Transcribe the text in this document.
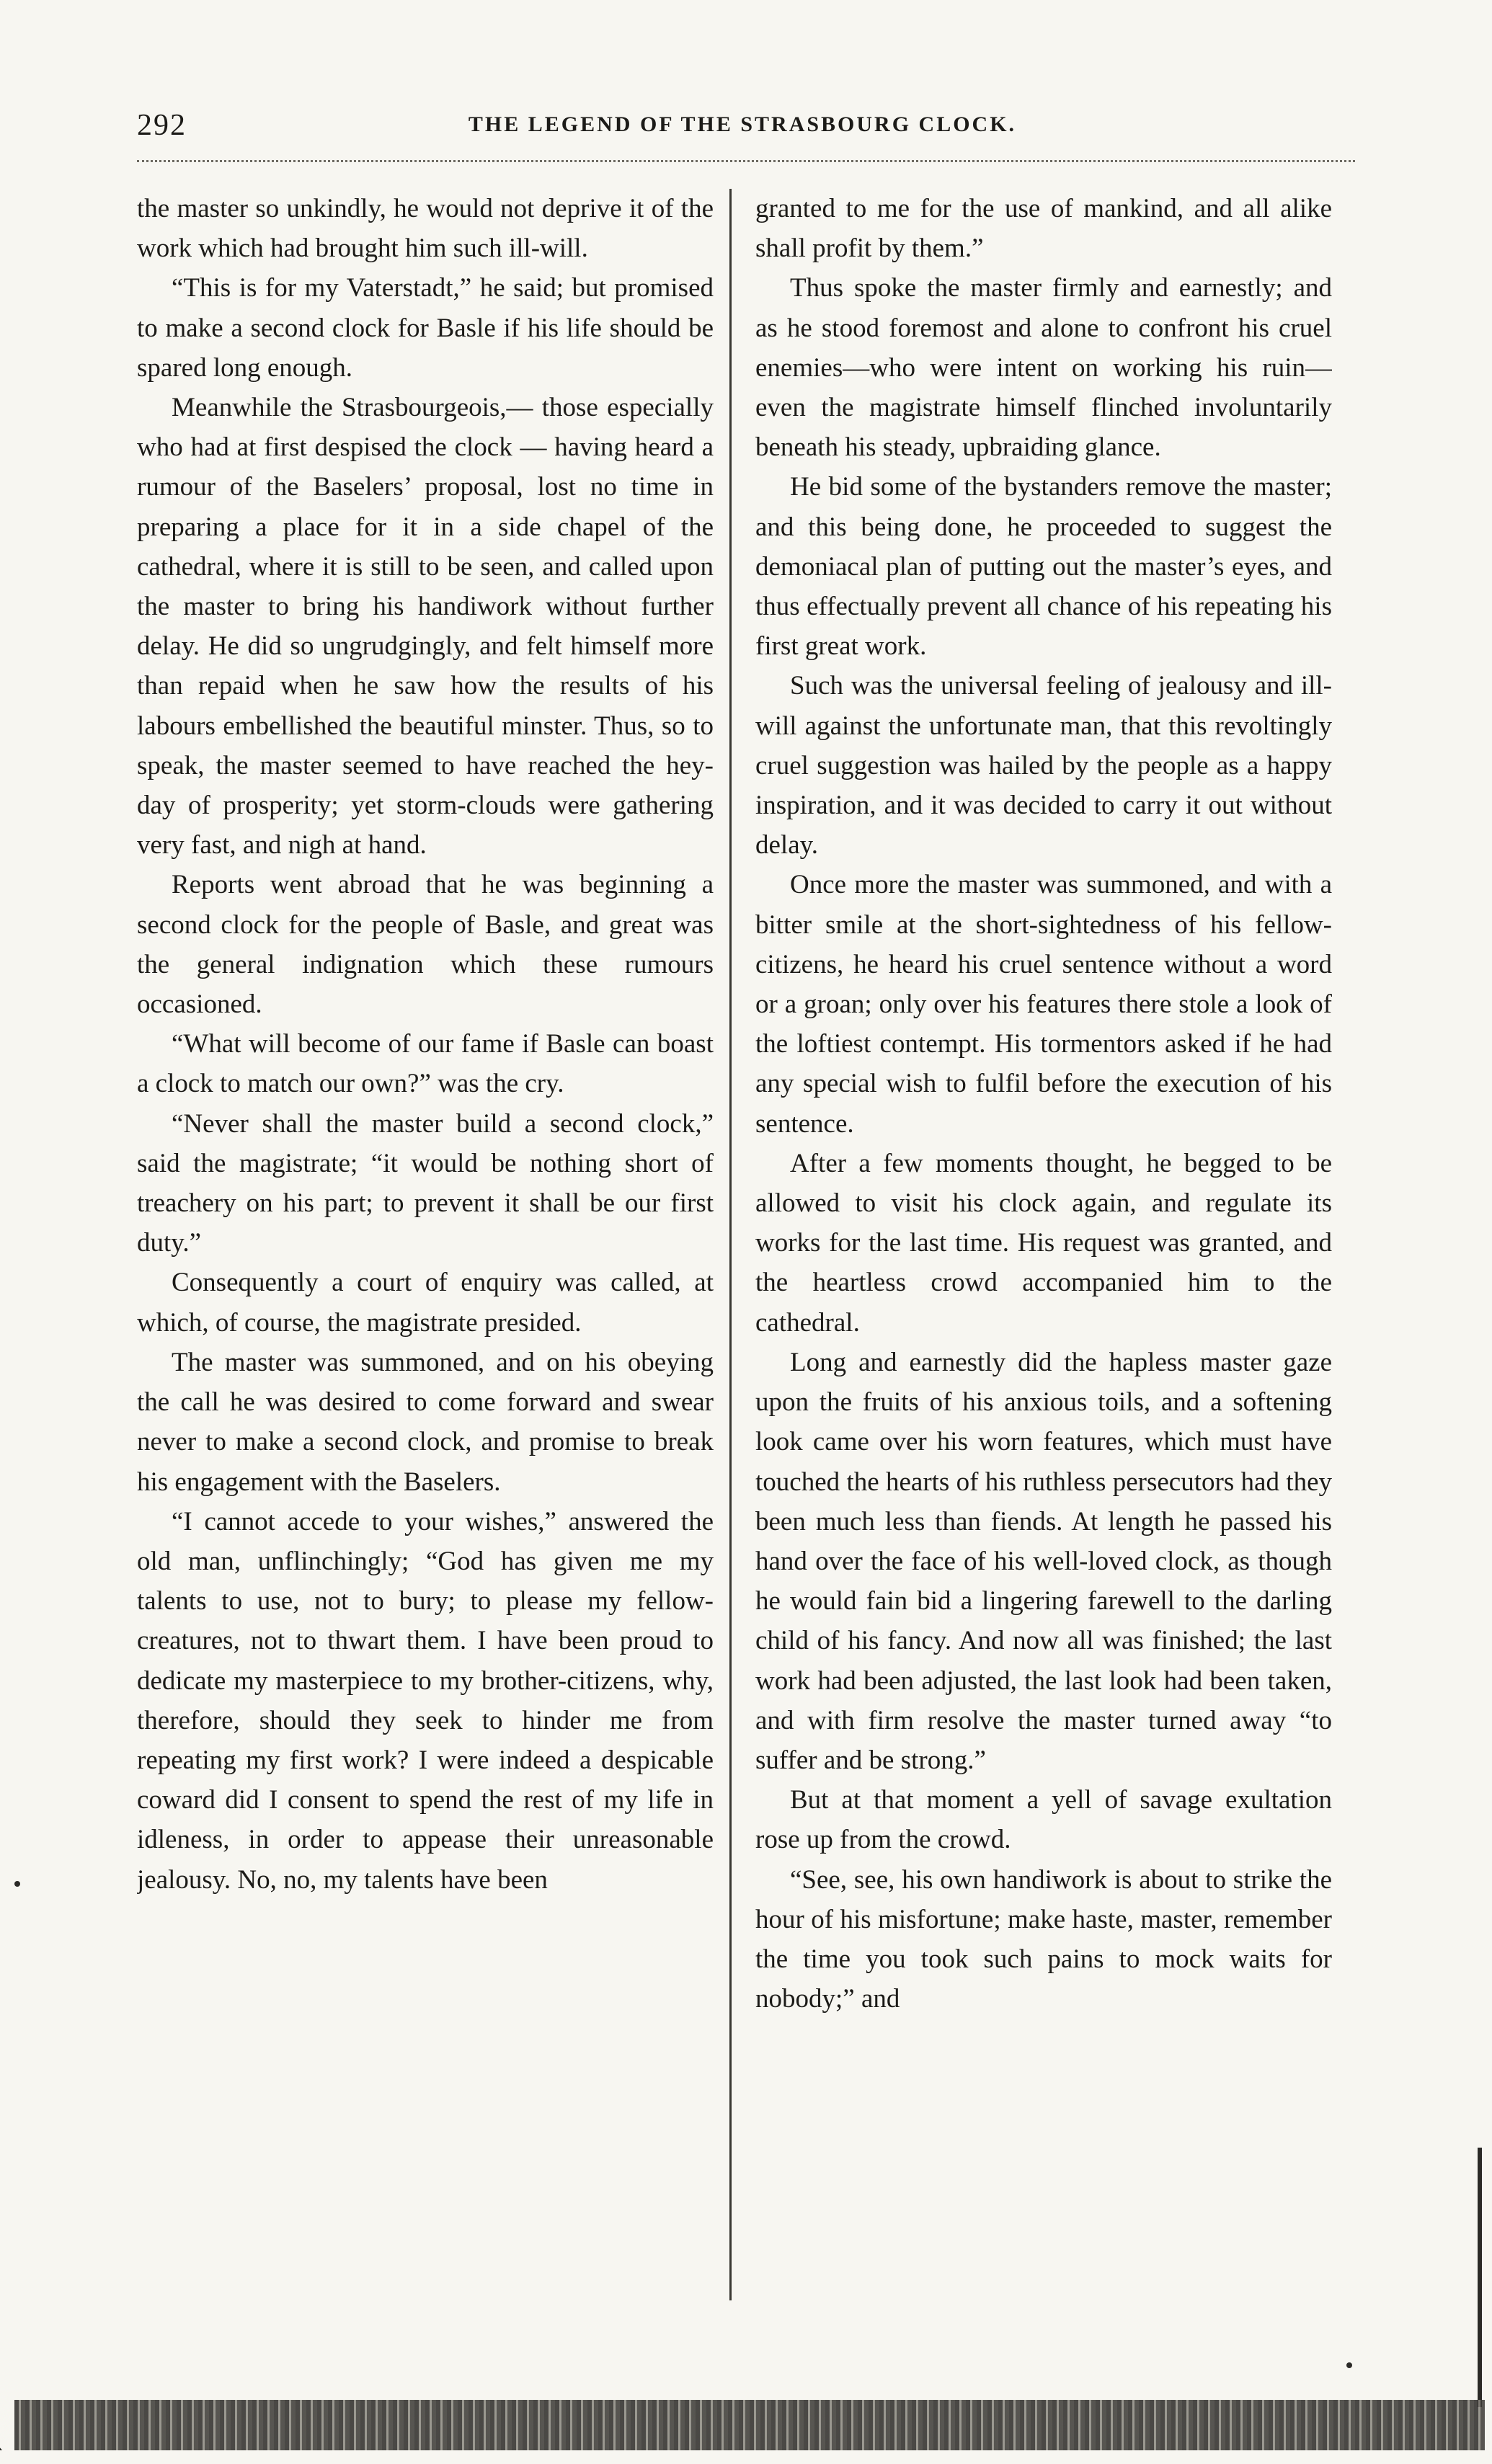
292	THE LEGEND OF THE STRASBOURG CLOCK.

the master so unkindly, he would not deprive it of the work which had brought him such ill-will.

“This is for my Vaterstadt,” he said; but promised to make a second clock for Basle if his life should be spared long enough.

Meanwhile the Strasbourgeois,— those especially who had at first despised the clock — having heard a rumour of the Baselers’ proposal, lost no time in preparing a place for it in a side chapel of the cathedral, where it is still to be seen, and called upon the master to bring his handiwork without further delay. He did so ungrudgingly, and felt himself more than repaid when he saw how the results of his labours embellished the beautiful minster. Thus, so to speak, the master seemed to have reached the hey-day of prosperity; yet storm-clouds were gathering very fast, and nigh at hand.

Reports went abroad that he was beginning a second clock for the people of Basle, and great was the general indignation which these rumours occasioned.

“What will become of our fame if Basle can boast a clock to match our own?” was the cry.

“Never shall the master build a second clock,” said the magistrate; “it would be nothing short of treachery on his part; to prevent it shall be our first duty.”

Consequently a court of enquiry was called, at which, of course, the magistrate presided.

The master was summoned, and on his obeying the call he was desired to come forward and swear never to make a second clock, and promise to break his engagement with the Baselers.

“I cannot accede to your wishes,” answered the old man, unflinchingly; “God has given me my talents to use, not to bury; to please my fellow-creatures, not to thwart them. I have been proud to dedicate my masterpiece to my brother-citizens, why, therefore, should they seek to hinder me from repeating my first work? I were indeed a despicable coward did I consent to spend the rest of my life in idleness, in order to appease their unreasonable jealousy. No, no, my talents have been

granted to me for the use of mankind, and all alike shall profit by them.”

Thus spoke the master firmly and earnestly; and as he stood foremost and alone to confront his cruel enemies—who were intent on working his ruin—even the magistrate himself flinched involuntarily beneath his steady, upbraiding glance.

He bid some of the bystanders remove the master; and this being done, he proceeded to suggest the demoniacal plan of putting out the master’s eyes, and thus effectually prevent all chance of his repeating his first great work.

Such was the universal feeling of jealousy and ill-will against the unfortunate man, that this revoltingly cruel suggestion was hailed by the people as a happy inspiration, and it was decided to carry it out without delay.

Once more the master was summoned, and with a bitter smile at the short-sightedness of his fellow-citizens, he heard his cruel sentence without a word or a groan; only over his features there stole a look of the loftiest contempt. His tormentors asked if he had any special wish to fulfil before the execution of his sentence.

After a few moments thought, he begged to be allowed to visit his clock again, and regulate its works for the last time. His request was granted, and the heartless crowd accompanied him to the cathedral.

Long and earnestly did the hapless master gaze upon the fruits of his anxious toils, and a softening look came over his worn features, which must have touched the hearts of his ruthless persecutors had they been much less than fiends. At length he passed his hand over the face of his well-loved clock, as though he would fain bid a lingering farewell to the darling child of his fancy. And now all was finished; the last work had been adjusted, the last look had been taken, and with firm resolve the master turned away “to suffer and be strong.”

But at that moment a yell of savage exultation rose up from the crowd.

“See, see, his own handiwork is about to strike the hour of his misfortune; make haste, master, remember the time you took such pains to mock waits for nobody;” and
